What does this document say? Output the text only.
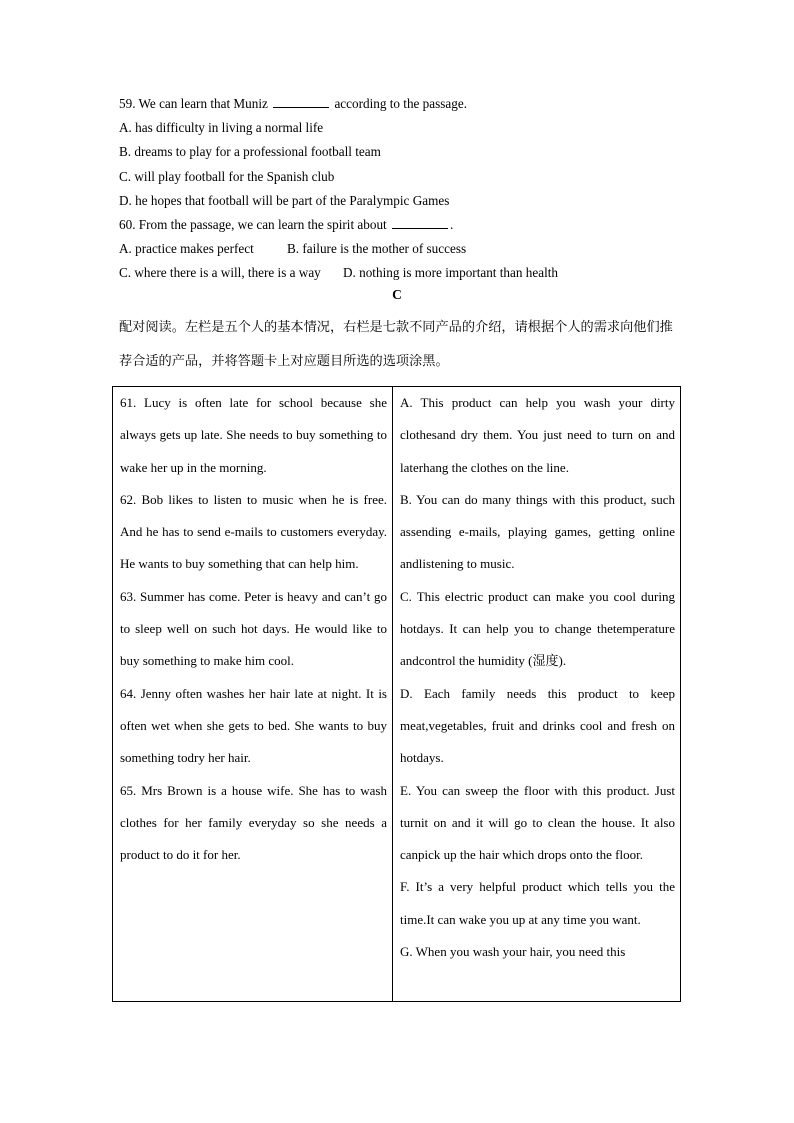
59. We can learn that Muniz	according to the passage.
A. has difficulty in living a normal life
B. dreams to play for a professional football team
C. will play football for the Spanish club
D. he hopes that football will be part of the Paralympic Games
60. From the passage, we can learn the spirit about	.
A. practice makes perfect	B. failure is the mother of success
C. where there is a will, there is a way D. nothing is more important than health
C
配对阅读。左栏是五个人的基本情况，右栏是七款不同产品的介绍，请根据个人的需求向他们推荐合适的产品，并将答题卡上对应题目所选的选项涂黑。

61. Lucy is often late for school because she always gets up late. She needs to buy something to wake her up in the morning.

62. Bob likes to listen to music when he is free. And he has to send e-mails to customers everyday. He wants to buy something that can help him.

63. Summer has come. Peter is heavy and can’t go to sleep well on such hot days. He would like to buy something to make him cool.

64. Jenny often washes her hair late at night. It is often wet when she gets to bed. She wants to buy something todry her hair.

65. Mrs Brown is a house wife. She has to wash clothes for her family everyday so she needs a product to do it for her.

A. This product can help you wash your dirty clothesand dry them. You just need to turn on and laterhang the clothes on the line.

B. You can do many things with this product, such assending e-mails, playing games, getting online andlistening to music.

C. This electric product can make you cool during hotdays. It can help you to change thetemperature andcontrol the humidity (湿度).

D. Each family needs this product to keep meat,vegetables, fruit and drinks cool and fresh on hotdays.

E. You can sweep the floor with this product. Just turnit on and it will go to clean the house. It also canpick up the hair which drops onto the floor.

F. It’s a very helpful product which tells you the time.It can wake you up at any time you want.

G. When you wash your hair, you need this
